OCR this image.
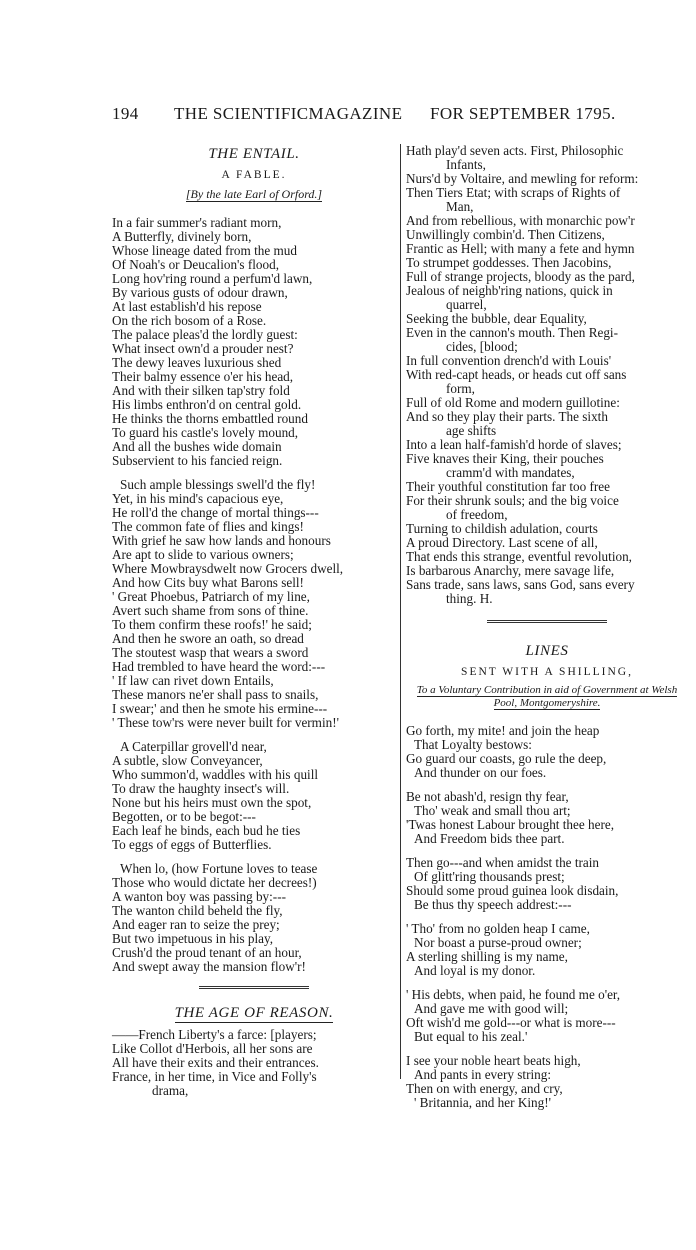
194 THE SCIENTIFICMAGAZINE FOR SEPTEMBER 1795.
THE ENTAIL.
A FABLE.
[By the late Earl of Orford.]
In a fair summer's radiant morn,
A Butterfly, divinely born,
Whose lineage dated from the mud
Of Noah's or Deucalion's flood,
Long hov'ring round a perfum'd lawn,
By various gusts of odour drawn,
At last establish'd his repose
On the rich bosom of a Rose.
The palace pleas'd the lordly guest:
What insect own'd a prouder nest?
The dewy leaves luxurious shed
Their balmy essence o'er his head,
And with their silken tap'stry fold
His limbs enthron'd on central gold.
He thinks the thorns embattled round
To guard his castle's lovely mound,
And all the bushes wide domain
Subservient to his fancied reign.
Such ample blessings swell'd the fly!
Yet, in his mind's capacious eye,
He roll'd the change of mortal things---
The common fate of flies and kings!
With grief he saw how lands and honours
Are apt to slide to various owners;
Where Mowbraysdwelt now Grocers dwell,
And how Cits buy what Barons sell!
' Great Phoebus, Patriarch of my line,
Avert such shame from sons of thine.
To them confirm these roofs!' he said;
And then he swore an oath, so dread
The stoutest wasp that wears a sword
Had trembled to have heard the word:---
' If law can rivet down Entails,
These manors ne'er shall pass to snails,
I swear;' and then he smote his ermine---
' These tow'rs were never built for vermin!'
A Caterpillar grovell'd near,
A subtle, slow Conveyancer,
Who summon'd, waddles with his quill
To draw the haughty insect's will.
None but his heirs must own the spot,
Begotten, or to be begot:---
Each leaf he binds, each bud he ties
To eggs of eggs of Butterflies.
When lo, (how Fortune loves to tease
Those who would dictate her decrees!)
A wanton boy was passing by:---
The wanton child beheld the fly,
And eager ran to seize the prey;
But two impetuous in his play,
Crush'd the proud tenant of an hour,
And swept away the mansion flow'r!
THE AGE OF REASON.
——French Liberty's a farce: [players;
Like Collot d'Herbois, all her sons are
All have their exits and their entrances.
France, in her time, in Vice and Folly's
drama,
Hath play'd seven acts. First, Philosophic
Infants,
Nurs'd by Voltaire, and mewling for reform:
Then Tiers Etat; with scraps of Rights of
Man,
And from rebellious, with monarchic pow'r
Unwillingly combin'd. Then Citizens,
Frantic as Hell; with many a fete and hymn
To strumpet goddesses. Then Jacobins,
Full of strange projects, bloody as the pard,
Jealous of neighb'ring nations, quick in
quarrel,
Seeking the bubble, dear Equality,
Even in the cannon's mouth. Then Regi-
cides, [blood;
In full convention drench'd with Louis'
With red-capt heads, or heads cut off sans
form,
Full of old Rome and modern guillotine:
And so they play their parts. The sixth
age shifts
Into a lean half-famish'd horde of slaves;
Five knaves their King, their pouches
cramm'd with mandates,
Their youthful constitution far too free
For their shrunk souls; and the big voice
of freedom,
Turning to childish adulation, courts
A proud Directory. Last scene of all,
That ends this strange, eventful revolution,
Is barbarous Anarchy, mere savage life,
Sans trade, sans laws, sans God, sans every
thing. H.
LINES
SENT WITH A SHILLING,
To a Voluntary Contribution in aid of Government at Welsh Pool, Montgomeryshire.
Go forth, my mite! and join the heap
That Loyalty bestows:
Go guard our coasts, go rule the deep,
And thunder on our foes.
Be not abash'd, resign thy fear,
Tho' weak and small thou art;
'Twas honest Labour brought thee here,
And Freedom bids thee part.
Then go---and when amidst the train
Of glitt'ring thousands prest;
Should some proud guinea look disdain,
Be thus thy speech addrest:---
' Tho' from no golden heap I came,
Nor boast a purse-proud owner;
A sterling shilling is my name,
And loyal is my donor.
' His debts, when paid, he found me o'er,
And gave me with good will;
Oft wish'd me gold---or what is more---
But equal to his zeal.'
I see your noble heart beats high,
And pants in every string:
Then on with energy, and cry,
' Britannia, and her King!'
